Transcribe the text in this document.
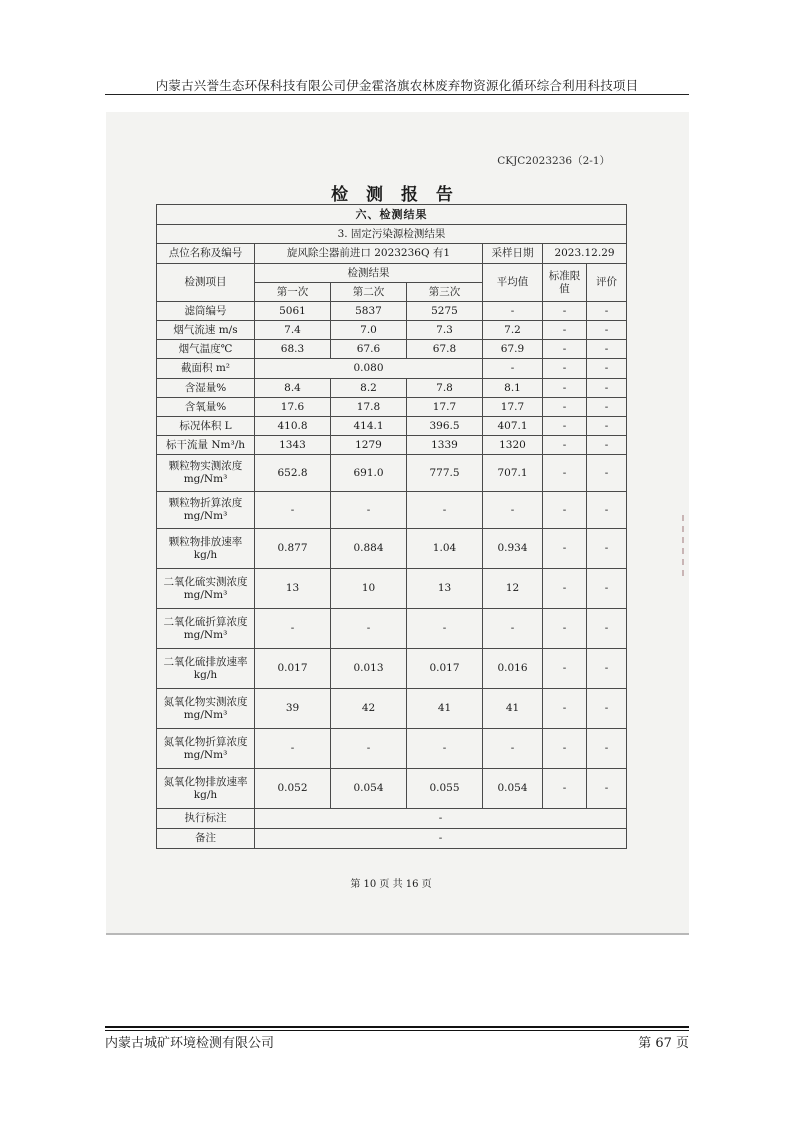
内蒙古兴誉生态环保科技有限公司伊金霍洛旗农林废弃物资源化循环综合利用科技项目
CKJC2023236（2-1）
检 测 报 告
六、检测结果						
3. 固定污染源检测结果						
点位名称及编号	旋风除尘器前进口 2023236Q 有1			采样日期	2023.12.29	
检测项目	检测结果			平均值	标准限值	评价
	第一次	第二次	第三次			
滤筒编号	5061	5837	5275	-	-	-
烟气流速 m/s	7.4	7.0	7.3	7.2	-	-
烟气温度℃	68.3	67.6	67.8	67.9	-	-
截面积 m²	0.080			-	-	-
含湿量%	8.4	8.2	7.8	8.1	-	-
含氧量%	17.6	17.8	17.7	17.7	-	-
标况体积 L	410.8	414.1	396.5	407.1	-	-
标干流量 Nm³/h	1343	1279	1339	1320	-	-
颗粒物实测浓度 mg/Nm³	652.8	691.0	777.5	707.1	-	-
颗粒物折算浓度 mg/Nm³	-	-	-	-	-	-
颗粒物排放速率 kg/h	0.877	0.884	1.04	0.934	-	-
二氧化硫实测浓度 mg/Nm³	13	10	13	12	-	-
二氧化硫折算浓度 mg/Nm³	-	-	-	-	-	-
二氧化硫排放速率 kg/h	0.017	0.013	0.017	0.016	-	-
氮氧化物实测浓度 mg/Nm³	39	42	41	41	-	-
氮氧化物折算浓度 mg/Nm³	-	-	-	-	-	-
氮氧化物排放速率 kg/h	0.052	0.054	0.055	0.054	-	-
执行标注	-					
备注	-					
第 10 页 共 16 页
内蒙古城矿环境检测有限公司	第 67 页
